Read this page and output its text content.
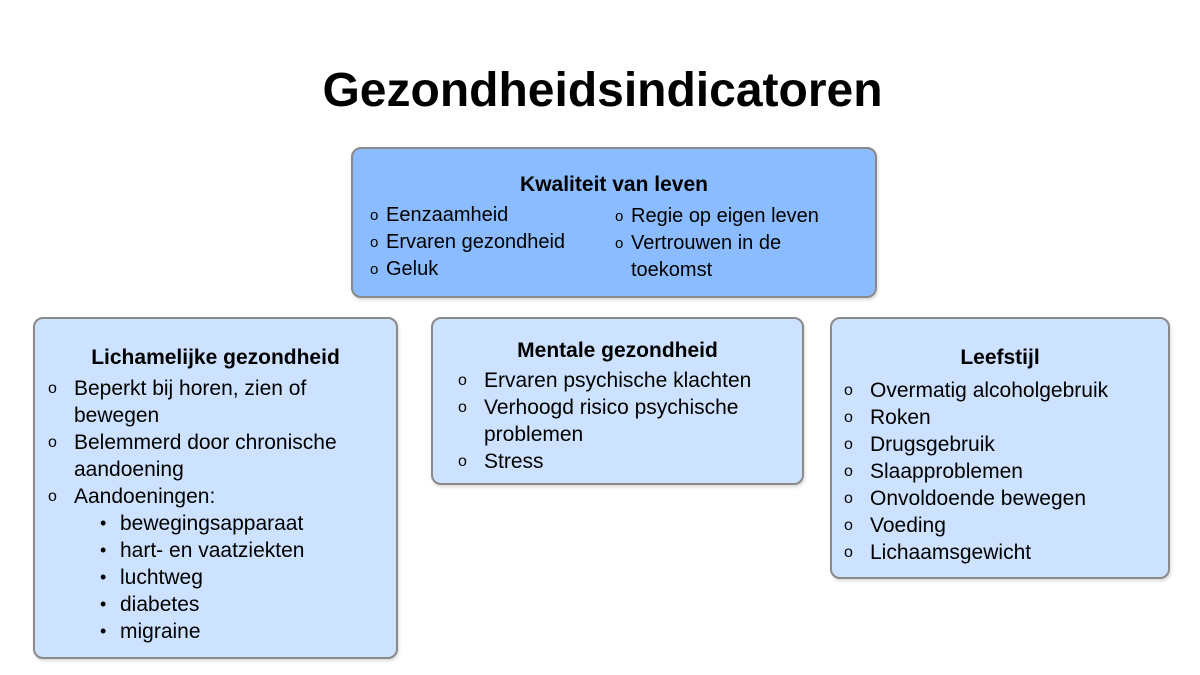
Gezondheidsindicatoren
Kwaliteit van leven
o Eenzaamheid
o Ervaren gezondheid
o Geluk
o Regie op eigen leven
o Vertrouwen in de toekomst
Lichamelijke gezondheid
o Beperkt bij horen, zien of bewegen
o Belemmerd door chronische aandoening
o Aandoeningen:
• bewegingsapparaat
• hart- en vaatziekten
• luchtweg
• diabetes
• migraine
Mentale gezondheid
o Ervaren psychische klachten
o Verhoogd risico psychische problemen
o Stress
Leefstijl
o Overmatig alcoholgebruik
o Roken
o Drugsgebruik
o Slaapproblemen
o Onvoldoende bewegen
o Voeding
o Lichaamsgewicht
